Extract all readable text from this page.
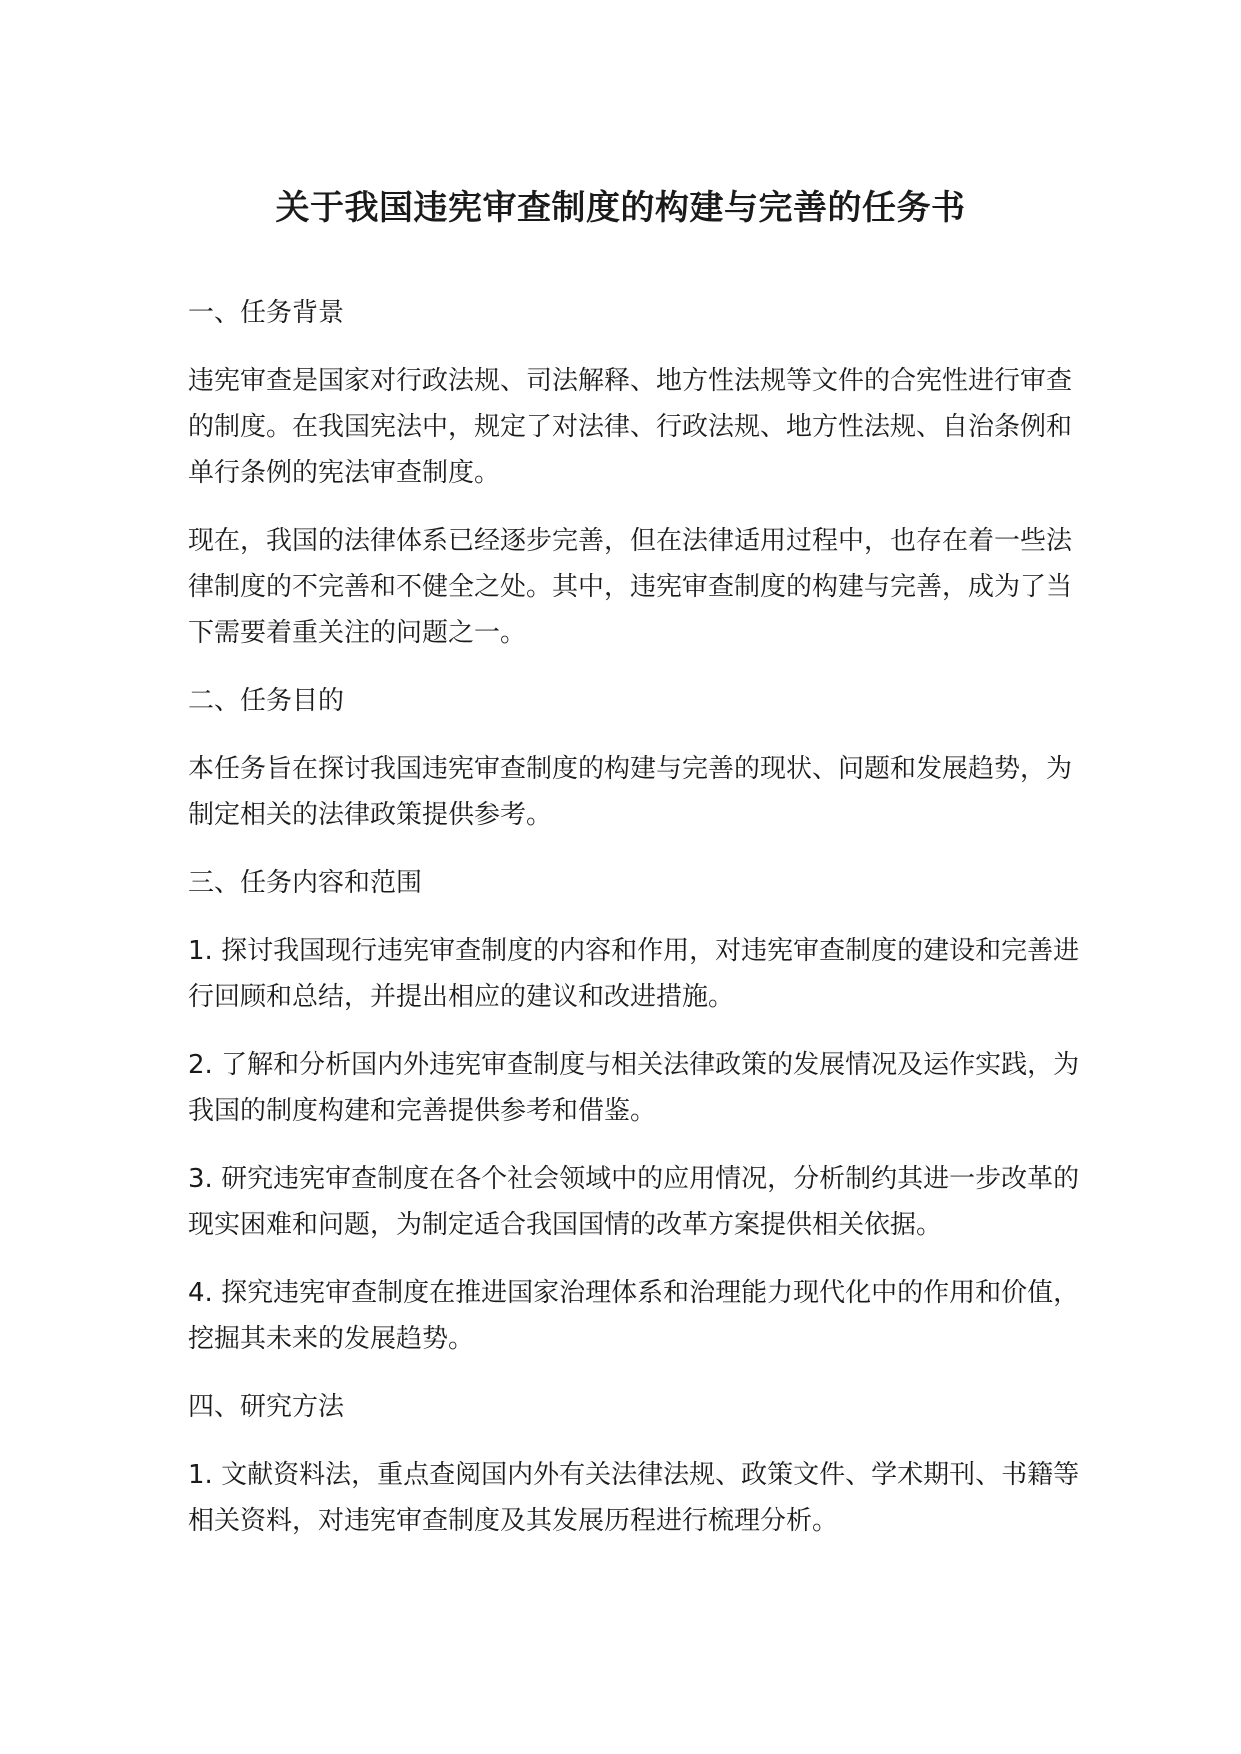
关于我国违宪审查制度的构建与完善的任务书
一、任务背景
违宪审查是国家对行政法规、司法解释、地方性法规等文件的合宪性进行审查的制度。在我国宪法中，规定了对法律、行政法规、地方性法规、自治条例和单行条例的宪法审查制度。
现在，我国的法律体系已经逐步完善，但在法律适用过程中，也存在着一些法律制度的不完善和不健全之处。其中，违宪审查制度的构建与完善，成为了当下需要着重关注的问题之一。
二、任务目的
本任务旨在探讨我国违宪审查制度的构建与完善的现状、问题和发展趋势，为制定相关的法律政策提供参考。
三、任务内容和范围
1. 探讨我国现行违宪审查制度的内容和作用，对违宪审查制度的建设和完善进行回顾和总结，并提出相应的建议和改进措施。
2. 了解和分析国内外违宪审查制度与相关法律政策的发展情况及运作实践，为我国的制度构建和完善提供参考和借鉴。
3. 研究违宪审查制度在各个社会领域中的应用情况，分析制约其进一步改革的现实困难和问题，为制定适合我国国情的改革方案提供相关依据。
4. 探究违宪审查制度在推进国家治理体系和治理能力现代化中的作用和价值，挖掘其未来的发展趋势。
四、研究方法
1. 文献资料法，重点查阅国内外有关法律法规、政策文件、学术期刊、书籍等相关资料，对违宪审查制度及其发展历程进行梳理分析。
